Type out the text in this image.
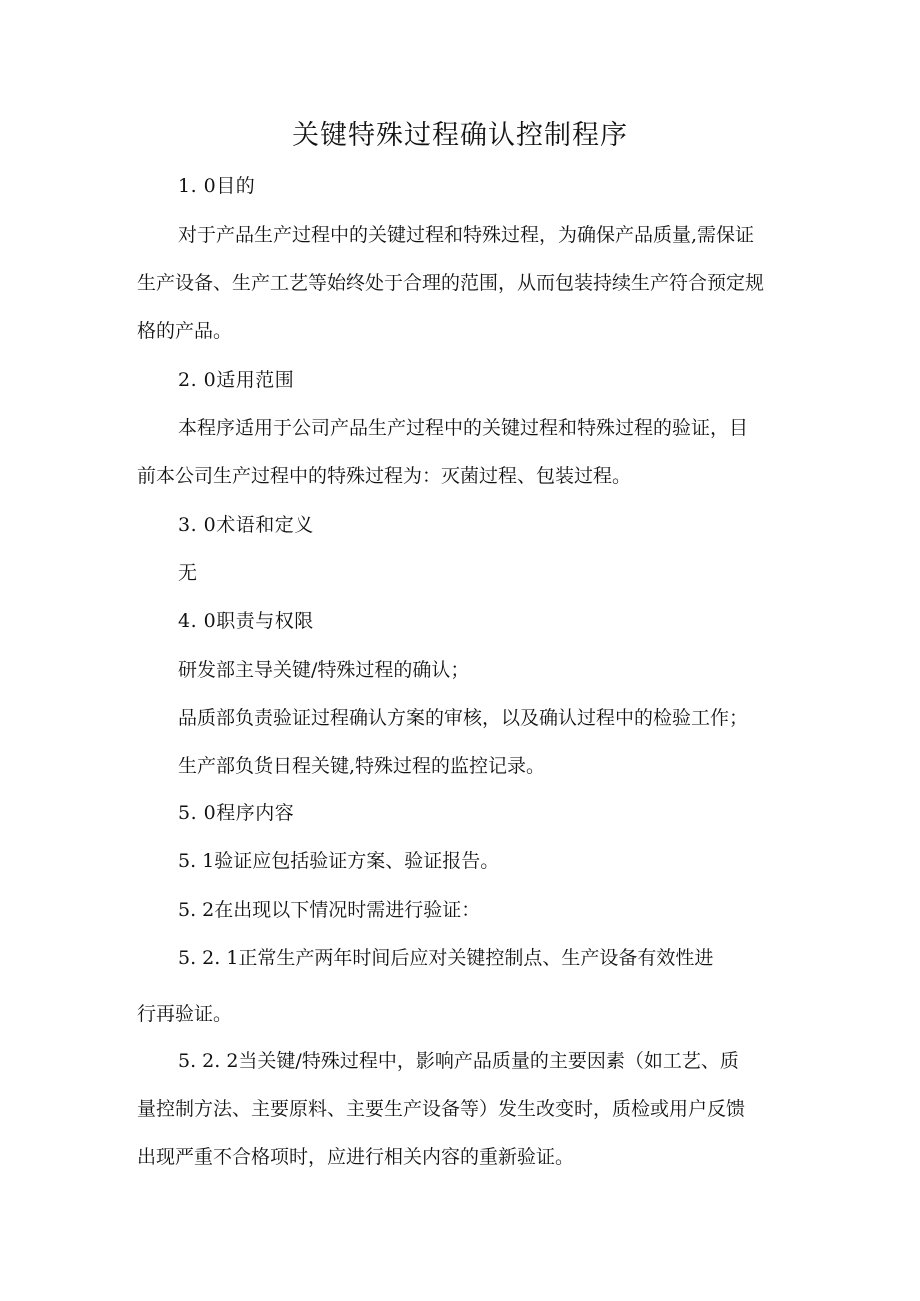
关键特殊过程确认控制程序
1. 0目的
对于产品生产过程中的关键过程和特殊过程，为确保产品质量,需保证
生产设备、生产工艺等始终处于合理的范围，从而包装持续生产符合预定规
格的产品。
2. 0适用范围
本程序适用于公司产品生产过程中的关键过程和特殊过程的验证，目
前本公司生产过程中的特殊过程为：灭菌过程、包装过程。
3. 0术语和定义
无
4. 0职责与权限
研发部主导关键/特殊过程的确认；
品质部负责验证过程确认方案的审核，以及确认过程中的检验工作；
生产部负货日程关键,特殊过程的监控记录。
5. 0程序内容
5. 1验证应包括验证方案、验证报告。
5. 2在出现以下情况时需进行验证：
5. 2. 1正常生产两年时间后应对关键控制点、生产设备有效性进
行再验证。
5. 2. 2当关键/特殊过程中，影响产品质量的主要因素（如工艺、质
量控制方法、主要原料、主要生产设备等）发生改变时，质检或用户反馈
出现严重不合格项时，应进行相关内容的重新验证。
